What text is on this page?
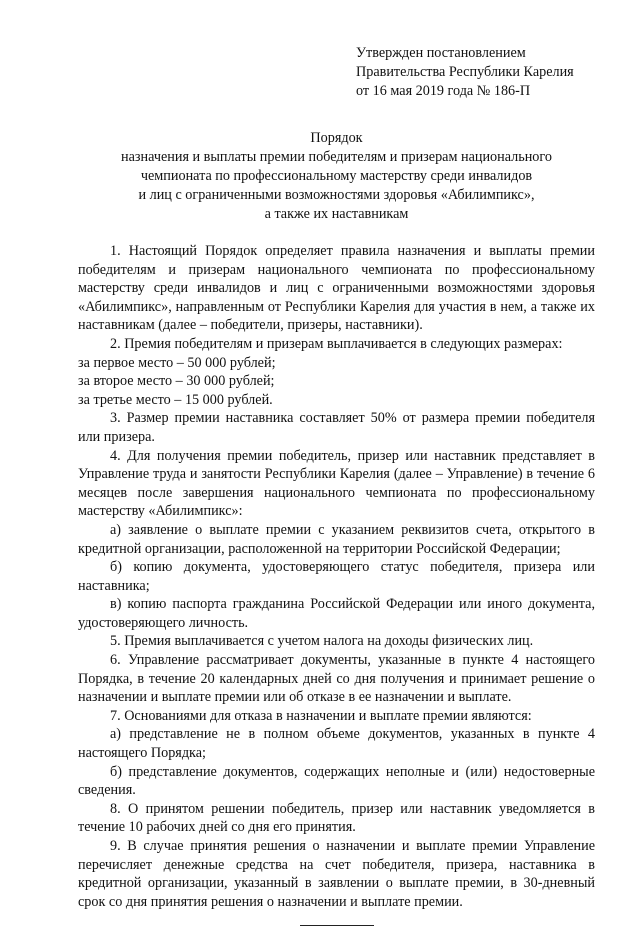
Утвержден постановлением
Правительства Республики Карелия
от 16 мая 2019 года № 186-П
Порядок
назначения и выплаты премии победителям и призерам национального
чемпионата по профессиональному мастерству среди инвалидов
и лиц с ограниченными возможностями здоровья «Абилимпикс»,
а также их наставникам

1. Настоящий Порядок определяет правила назначения и выплаты премии победителям и призерам национального чемпионата по профессиональному мастерству среди инвалидов и лиц с ограниченными возможностями здоровья «Абилимпикс», направленным от Республики Карелия для участия в нем, а также их наставникам (далее – победители, призеры, наставники).

2. Премия победителям и призерам выплачивается в следующих размерах:

за первое место – 50 000 рублей;

за второе место – 30 000 рублей;

за третье место – 15 000 рублей.

3. Размер премии наставника составляет 50% от размера премии победителя или призера.

4. Для получения премии победитель, призер или наставник представляет в Управление труда и занятости Республики Карелия (далее – Управление) в течение 6 месяцев после завершения национального чемпионата по профессиональному мастерству «Абилимпикс»:

а) заявление о выплате премии с указанием реквизитов счета, открытого в кредитной организации, расположенной на территории Российской Федерации;

б) копию документа, удостоверяющего статус победителя, призера или наставника;

в) копию паспорта гражданина Российской Федерации или иного документа, удостоверяющего личность.

5. Премия выплачивается с учетом налога на доходы физических лиц.

6. Управление рассматривает документы, указанные в пункте 4 настоящего Порядка, в течение 20 календарных дней со дня получения и принимает решение о назначении и выплате премии или об отказе в ее назначении и выплате.

7. Основаниями для отказа в назначении и выплате премии являются:

а) представление не в полном объеме документов, указанных в пункте 4 настоящего Порядка;

б) представление документов, содержащих неполные и (или) недостоверные сведения.

8. О принятом решении победитель, призер или наставник уведомляется в течение 10 рабочих дней со дня его принятия.

9. В случае принятия решения о назначении и выплате премии Управление перечисляет денежные средства на счет победителя, призера, наставника в кредитной организации, указанный в заявлении о выплате премии, в 30-дневный срок со дня принятия решения о назначении и выплате премии.
